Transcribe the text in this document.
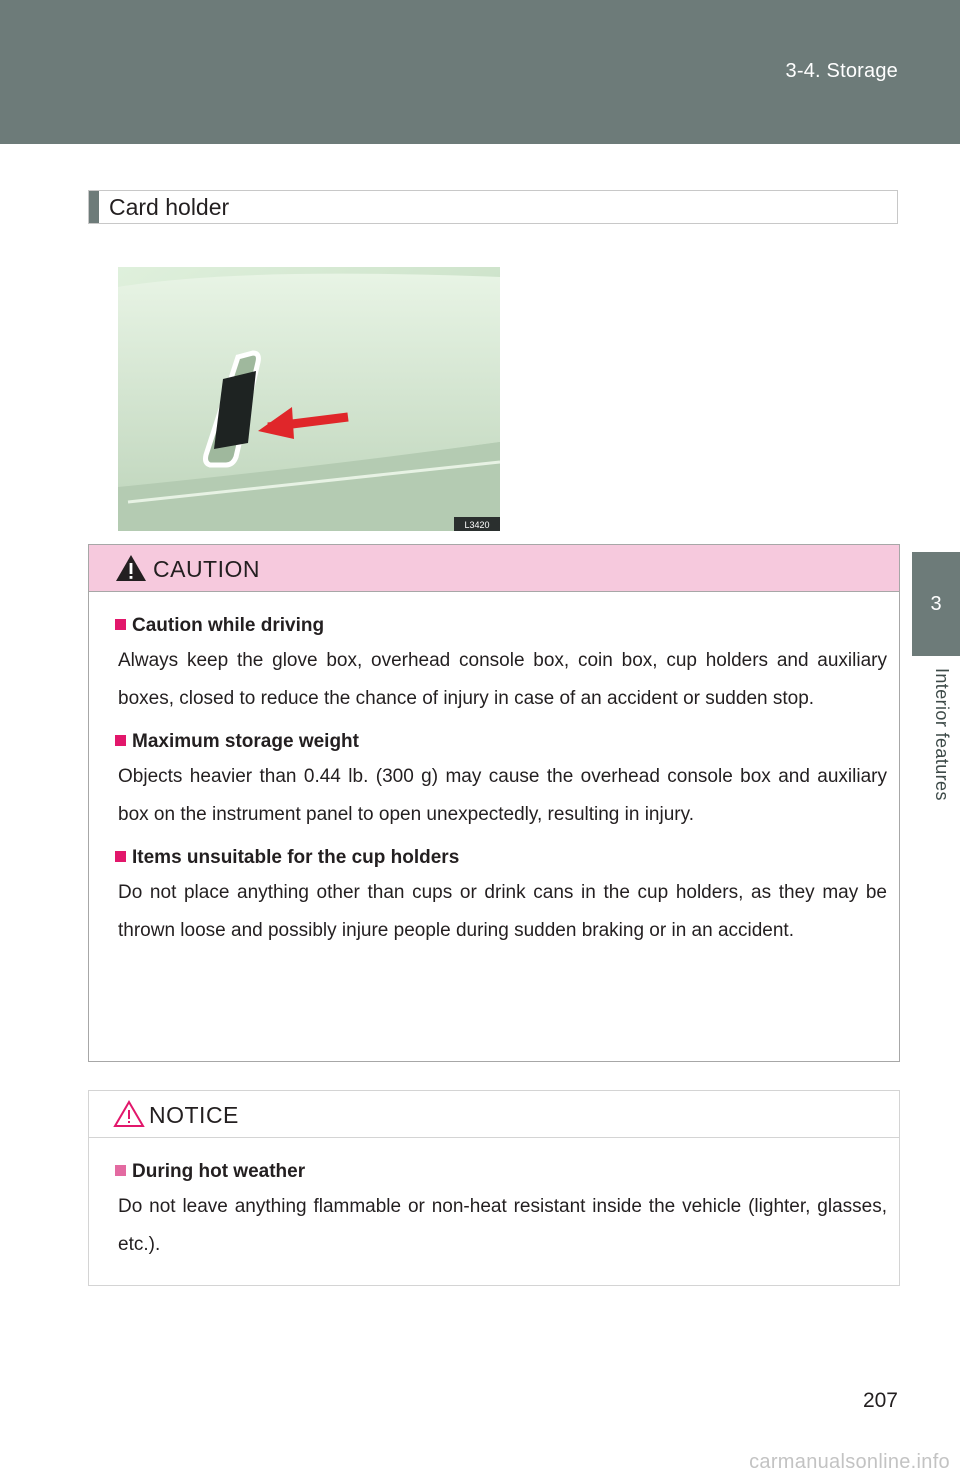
3-4. Storage
3
Interior features
Card holder
L3420
CAUTION
Caution while driving
Always keep the glove box, overhead console box, coin box, cup holders and auxiliary boxes, closed to reduce the chance of injury in case of an accident or sudden stop.
Maximum storage weight
Objects heavier than 0.44 lb. (300 g) may cause the overhead console box and auxiliary box on the instrument panel to open unexpectedly, resulting in injury.
Items unsuitable for the cup holders
Do not place anything other than cups or drink cans in the cup holders, as they may be thrown loose and possibly injure people during sudden braking or in an accident.
NOTICE
During hot weather
Do not leave anything flammable or non-heat resistant inside the vehicle (lighter, glasses, etc.).
207
carmanualsonline.info
